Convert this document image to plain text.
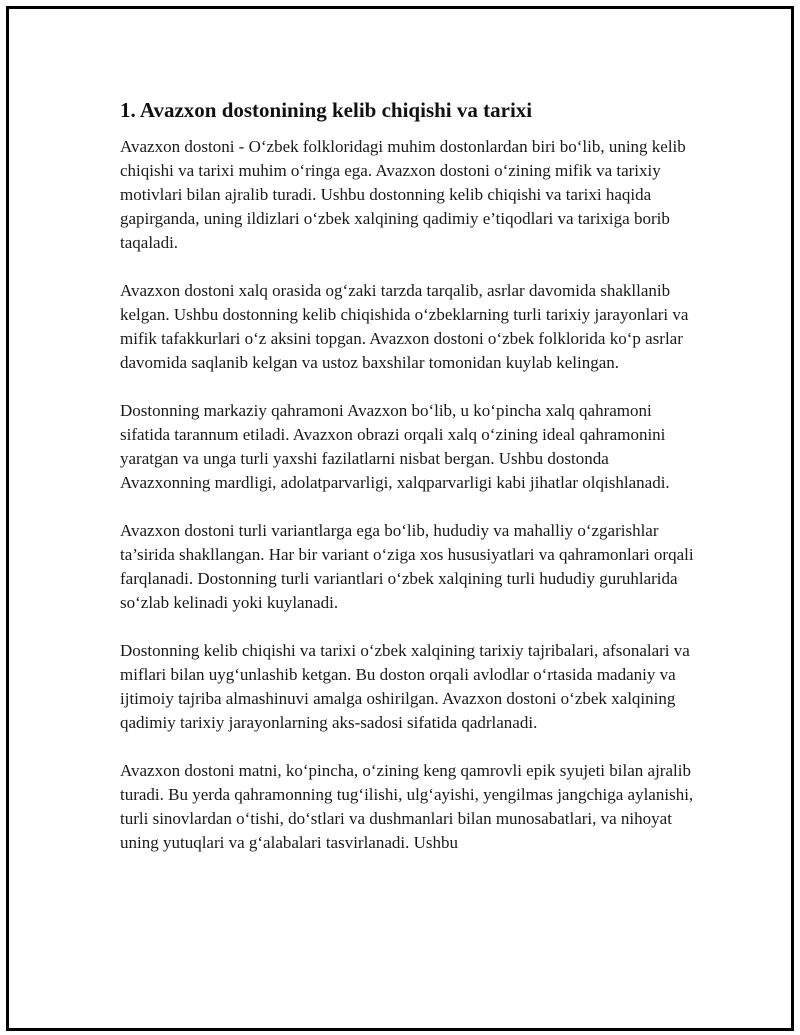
1. Avazxon dostonining kelib chiqishi va tarixi

Avazxon dostoni - O‘zbek folkloridagi muhim dostonlardan biri bo‘lib, uning kelib chiqishi va tarixi muhim o‘ringa ega. Avazxon dostoni o‘zining mifik va tarixiy motivlari bilan ajralib turadi. Ushbu dostonning kelib chiqishi va tarixi haqida gapirganda, uning ildizlari o‘zbek xalqining qadimiy e’tiqodlari va tarixiga borib taqaladi.

Avazxon dostoni xalq orasida og‘zaki tarzda tarqalib, asrlar davomida shakllanib kelgan. Ushbu dostonning kelib chiqishida o‘zbeklarning turli tarixiy jarayonlari va mifik tafakkurlari o‘z aksini topgan. Avazxon dostoni o‘zbek folklorida ko‘p asrlar davomida saqlanib kelgan va ustoz baxshilar tomonidan kuylab kelingan.

Dostonning markaziy qahramoni Avazxon bo‘lib, u ko‘pincha xalq qahramoni sifatida tarannum etiladi. Avazxon obrazi orqali xalq o‘zining ideal qahramonini yaratgan va unga turli yaxshi fazilatlarni nisbat bergan. Ushbu dostonda Avazxonning mardligi, adolatparvarligi, xalqparvarligi kabi jihatlar olqishlanadi.

Avazxon dostoni turli variantlarga ega bo‘lib, hududiy va mahalliy o‘zgarishlar ta’sirida shakllangan. Har bir variant o‘ziga xos hususiyatlari va qahramonlari orqali farqlanadi. Dostonning turli variantlari o‘zbek xalqining turli hududiy guruhlarida so‘zlab kelinadi yoki kuylanadi.

Dostonning kelib chiqishi va tarixi o‘zbek xalqining tarixiy tajribalari, afsonalari va miflari bilan uyg‘unlashib ketgan. Bu doston orqali avlodlar o‘rtasida madaniy va ijtimoiy tajriba almashinuvi amalga oshirilgan. Avazxon dostoni o‘zbek xalqining qadimiy tarixiy jarayonlarning aks-sadosi sifatida qadrlanadi.

Avazxon dostoni matni, ko‘pincha, o‘zining keng qamrovli epik syujeti bilan ajralib turadi. Bu yerda qahramonning tug‘ilishi, ulg‘ayishi, yengilmas jangchiga aylanishi, turli sinovlardan o‘tishi, do‘stlari va dushmanlari bilan munosabatlari, va nihoyat uning yutuqlari va g‘alabalari tasvirlanadi. Ushbu
